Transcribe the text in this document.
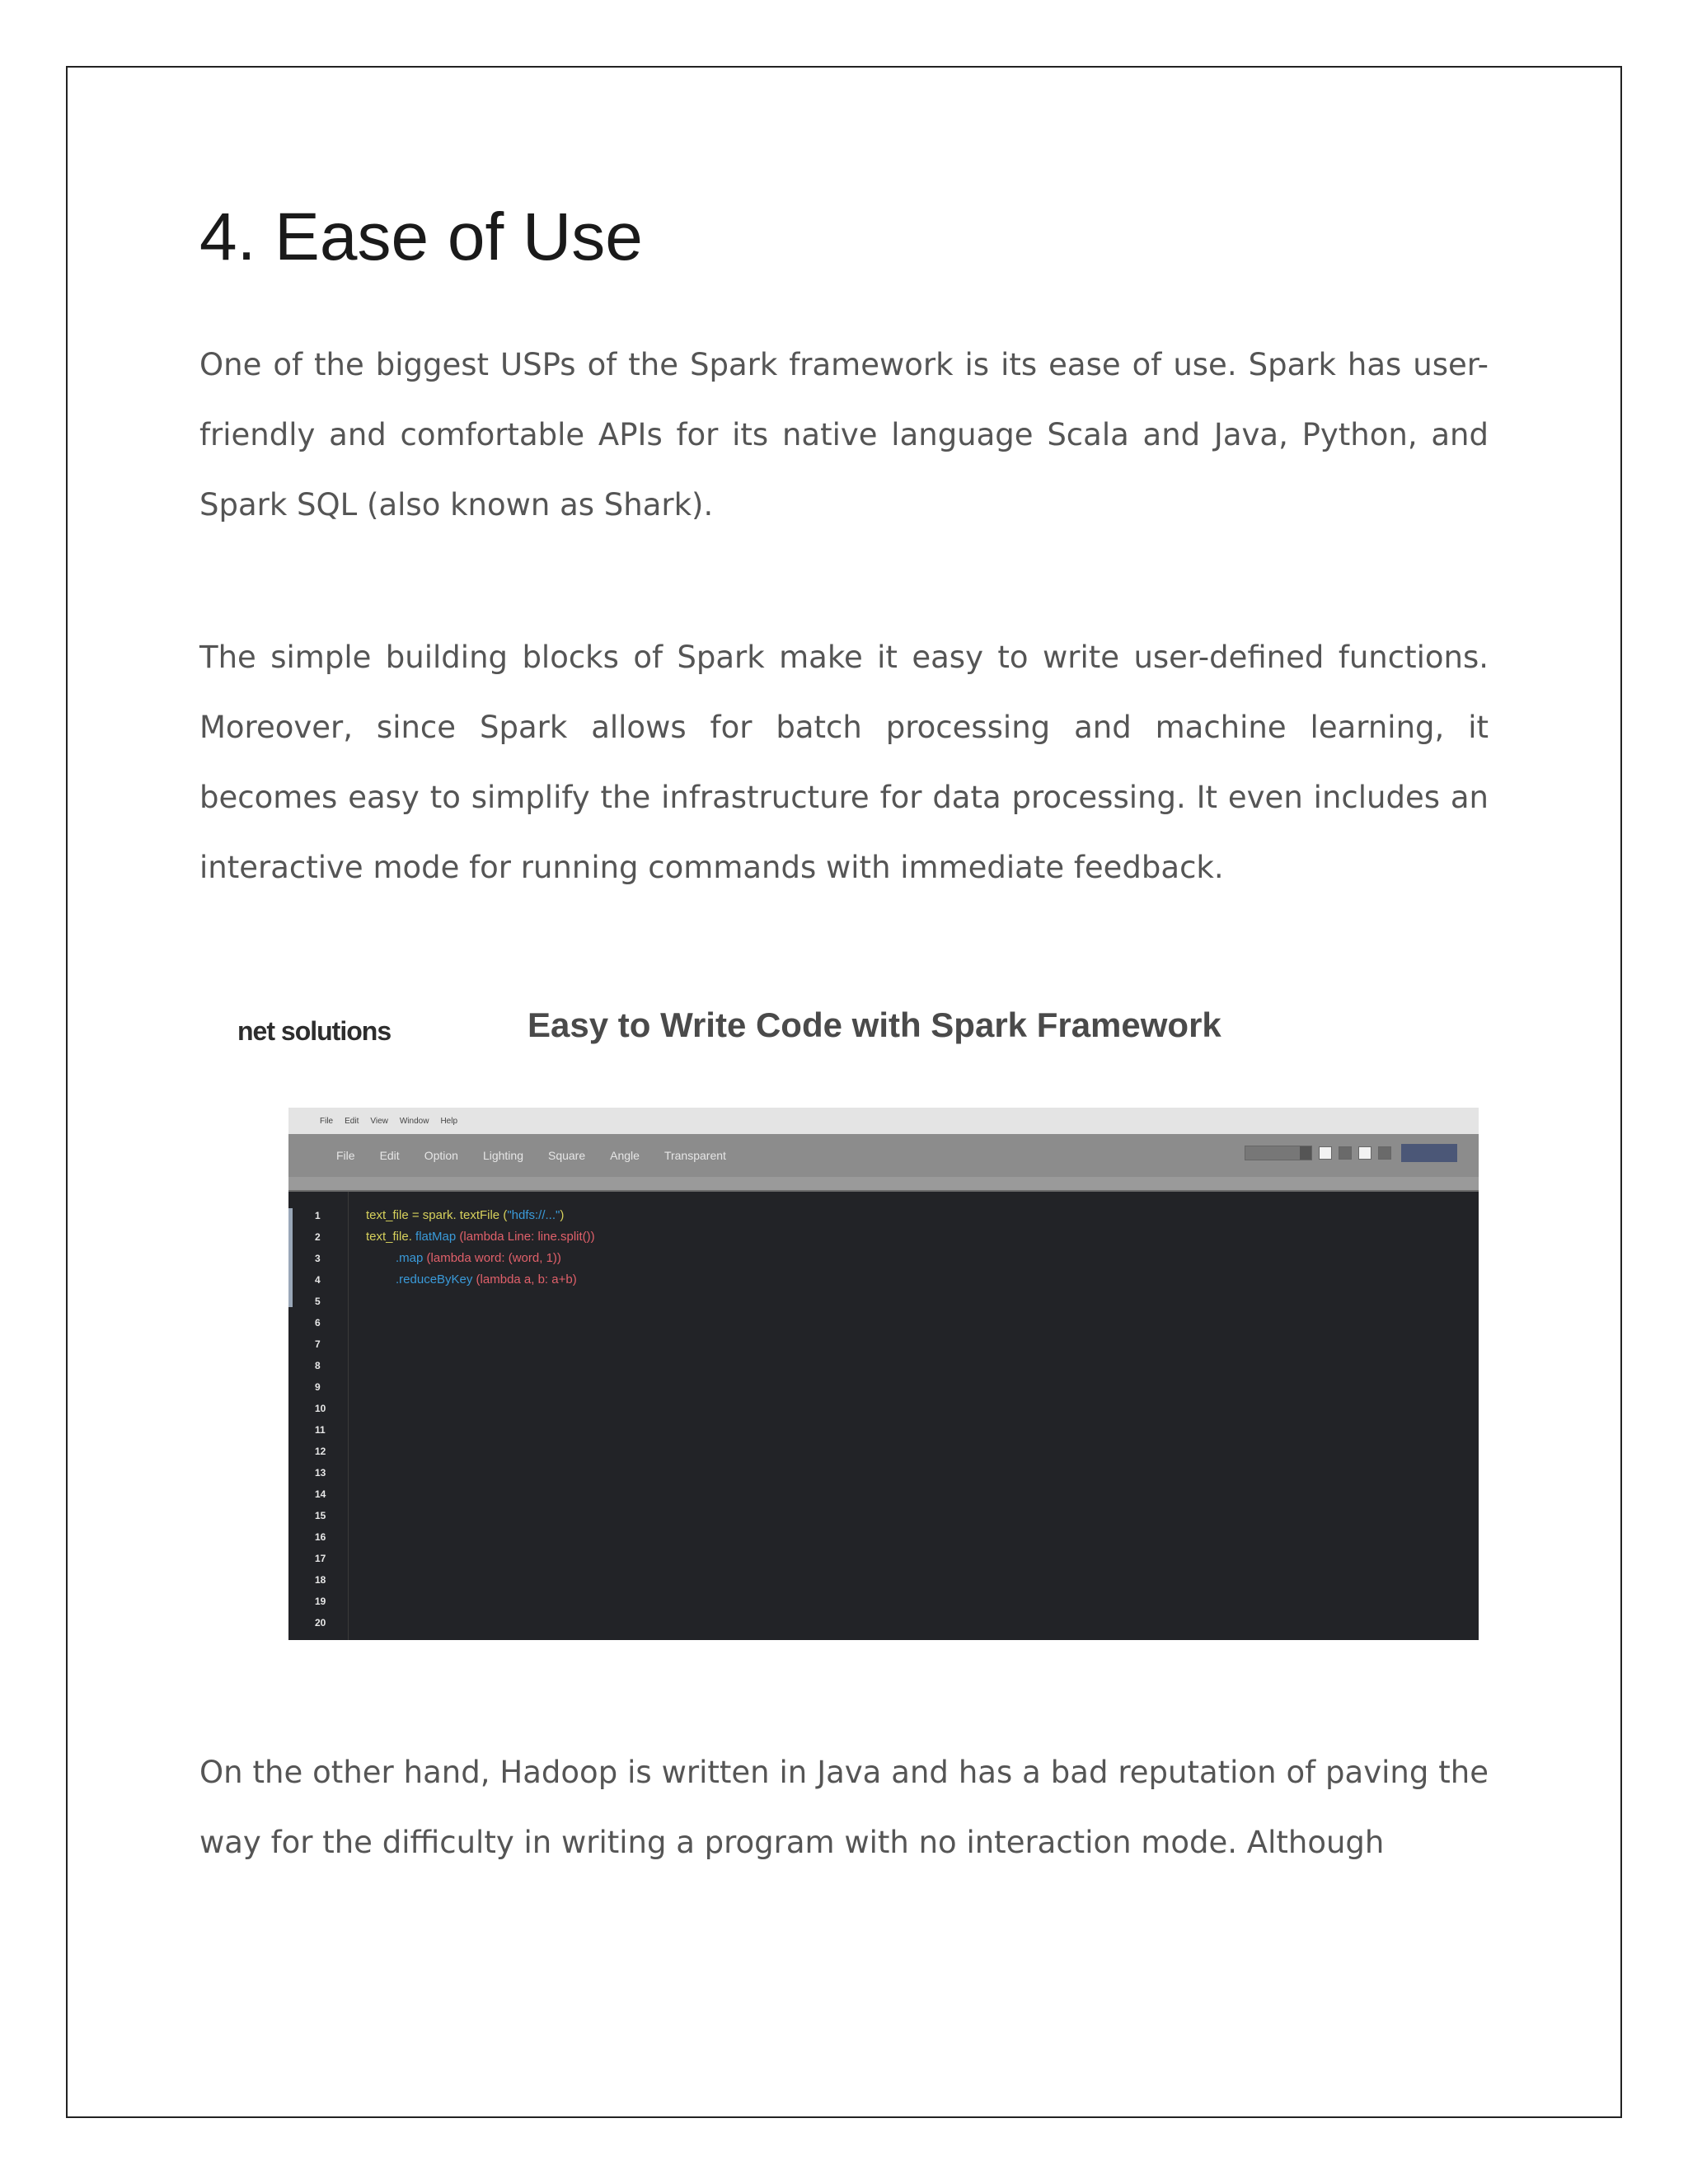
4. Ease of Use

One of the biggest USPs of the Spark framework is its ease of use. Spark has user-friendly and comfortable APIs for its native language Scala and Java, Python, and Spark SQL (also known as Shark).

The simple building blocks of Spark make it easy to write user-defined functions. Moreover, since Spark allows for batch processing and machine learning, it becomes easy to simplify the infrastructure for data processing. It even includes an interactive mode for running commands with immediate feedback.

net solutions	Easy to Write Code with Spark Framework
File Edit View Window Help
File Edit Option Lighting Square Angle Transparent
1
2
3
4
5
6
7
8
9
10
11
12
13
14
15
16
17
18
19
20
text_file = spark. textFile ("hdfs://...")
text_file. flatMap (lambda Line: line.split())
.map (lambda word: (word, 1))
.reduceByKey (lambda a, b: a+b)

On the other hand, Hadoop is written in Java and has a bad reputation of paving the way for the difficulty in writing a program with no interaction mode. Although
